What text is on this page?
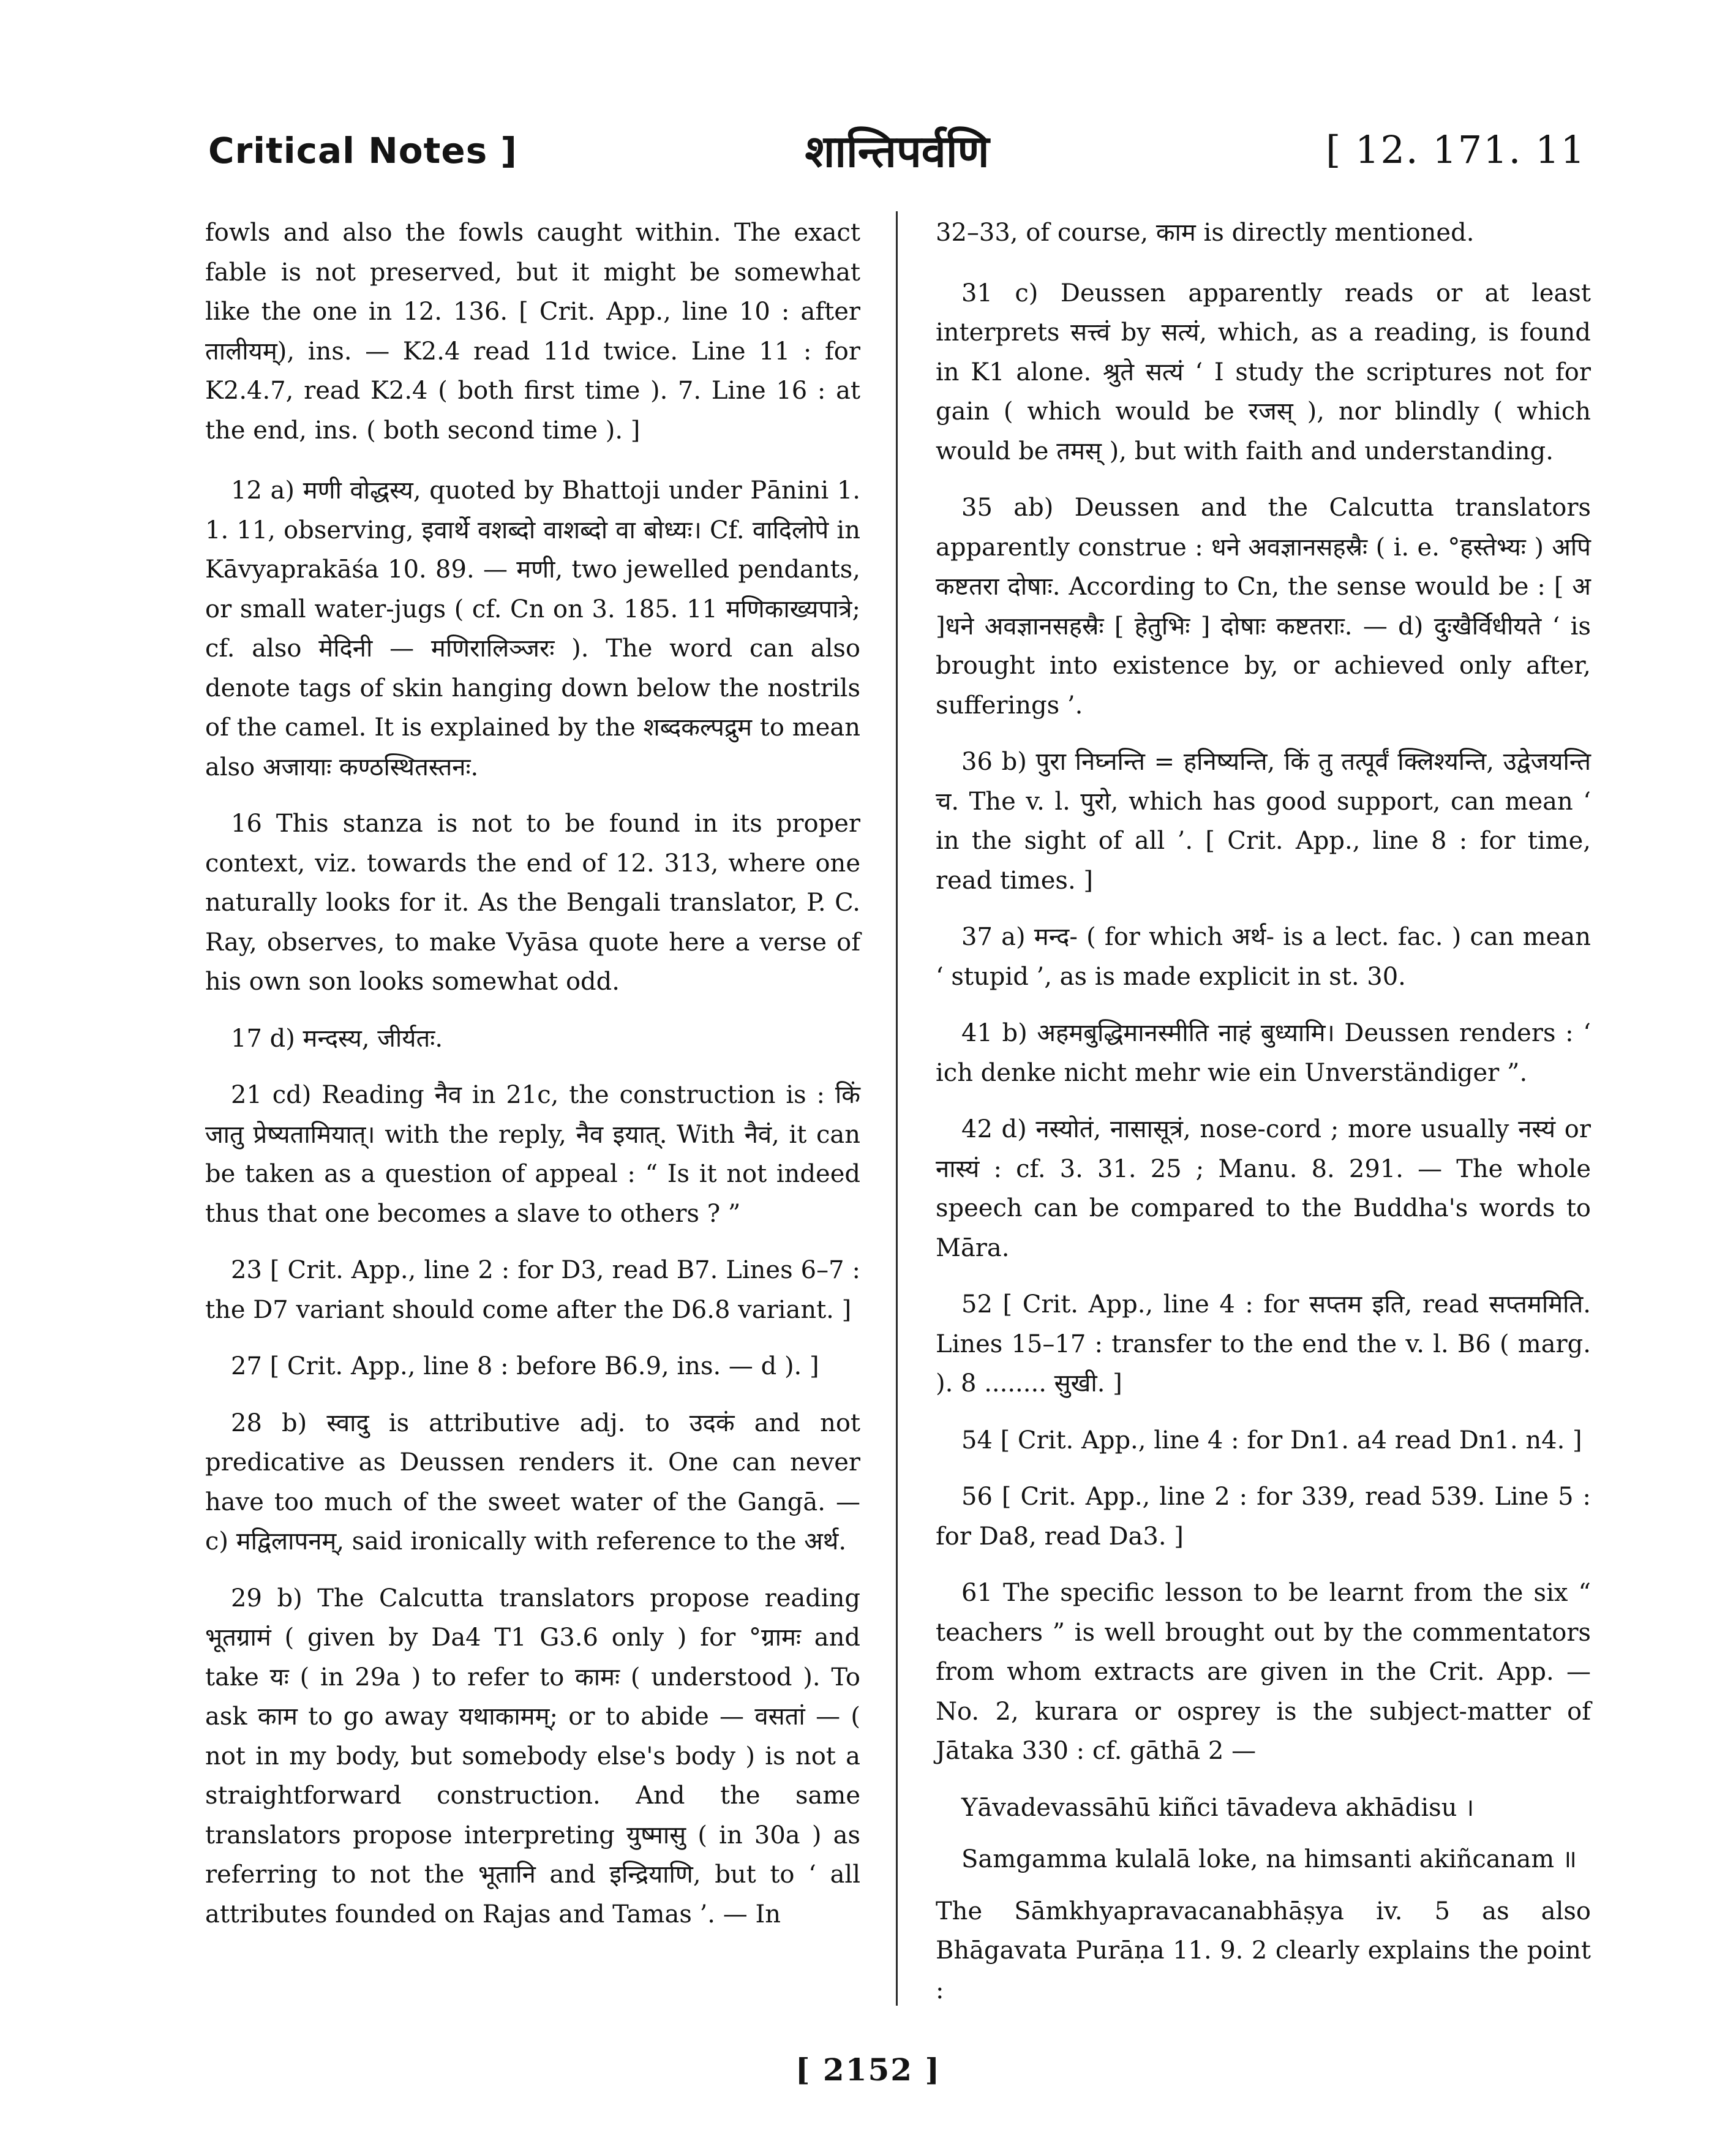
Critical Notes ]	शान्तिपर्वणि	[ 12. 171. 11

fowls and also the fowls caught within. The exact fable is not preserved, but it might be somewhat like the one in 12. 136. [ Crit. App., line 10 : after तालीयम्), ins. — K2.4 read 11d twice. Line 11 : for K2.4.7, read K2.4 ( both first time ). 7. Line 16 : at the end, ins. ( both second time ). ]

12 a) मणी वोद्धस्य, quoted by Bhattoji under Pānini 1. 1. 11, observing, इवार्थे वशब्दो वाशब्दो वा बोध्यः। Cf. वादिलोपे in Kāvyaprakāśa 10. 89. — मणी, two jewelled pendants, or small water-jugs ( cf. Cn on 3. 185. 11 मणिकाख्यपात्रे; cf. also मेदिनी — मणिरालिञ्जरः ). The word can also denote tags of skin hanging down below the nostrils of the camel. It is explained by the शब्दकल्पद्रुम to mean also अजायाः कण्ठस्थितस्तनः.

16 This stanza is not to be found in its proper context, viz. towards the end of 12. 313, where one naturally looks for it. As the Bengali translator, P. C. Ray, observes, to make Vyāsa quote here a verse of his own son looks somewhat odd.

17 d) मन्दस्य, जीर्यतः.

21 cd) Reading नैव in 21c, the construction is : किं जातु प्रेष्यतामियात्। with the reply, नैव इयात्. With नैवं, it can be taken as a question of appeal : “ Is it not indeed thus that one becomes a slave to others ? ”

23 [ Crit. App., line 2 : for D3, read B7. Lines 6–7 : the D7 variant should come after the D6.8 variant. ]

27 [ Crit. App., line 8 : before B6.9, ins. — d ). ]

28 b) स्वादु is attributive adj. to उदकं and not predicative as Deussen renders it. One can never have too much of the sweet water of the Gangā. — c) मद्विलापनम्, said ironically with reference to the अर्थ.

29 b) The Calcutta translators propose reading भूतग्रामं ( given by Da4 T1 G3.6 only ) for °ग्रामः and take यः ( in 29a ) to refer to कामः ( understood ). To ask काम to go away यथाकामम्; or to abide — वसतां — ( not in my body, but somebody else's body ) is not a straightforward construction. And the same translators propose interpreting युष्मासु ( in 30a ) as referring to not the भूतानि and इन्द्रियाणि, but to ‘ all attributes founded on Rajas and Tamas ’. — In

32–33, of course, काम is directly mentioned.

31 c) Deussen apparently reads or at least interprets सत्त्वं by सत्यं, which, as a reading, is found in K1 alone. श्रुते सत्यं ‘ I study the scriptures not for gain ( which would be रजस् ), nor blindly ( which would be तमस् ), but with faith and understanding.

35 ab) Deussen and the Calcutta translators apparently construe : धने अवज्ञानसहस्रैः ( i. e. °हस्तेभ्यः ) अपि कष्टतरा दोषाः. According to Cn, the sense would be : [ अ ]धने अवज्ञानसहस्रैः [ हेतुभिः ] दोषाः कष्टतराः. — d) दुःखैर्विधीयते ‘ is brought into existence by, or achieved only after, sufferings ’.

36 b) पुरा निघ्नन्ति = हनिष्यन्ति, किं तु तत्पूर्वं क्लिश्यन्ति, उद्वेजयन्ति च. The v. l. पुरो, which has good support, can mean ‘ in the sight of all ’. [ Crit. App., line 8 : for time, read times. ]

37 a) मन्द- ( for which अर्थ- is a lect. fac. ) can mean ‘ stupid ’, as is made explicit in st. 30.

41 b) अहमबुद्धिमानस्मीति नाहं बुध्यामि। Deussen renders : ‘ ich denke nicht mehr wie ein Unverständiger ”.

42 d) नस्योतं, नासासूत्रं, nose-cord ; more usually नस्यं or नास्यं : cf. 3. 31. 25 ; Manu. 8. 291. — The whole speech can be compared to the Buddha's words to Māra.

52 [ Crit. App., line 4 : for सप्तम इति, read सप्तममिति. Lines 15–17 : transfer to the end the v. l. B6 ( marg. ). 8 ........ सुखी. ]

54 [ Crit. App., line 4 : for Dn1. a4 read Dn1. n4. ]

56 [ Crit. App., line 2 : for 339, read 539. Line 5 : for Da8, read Da3. ]

61 The specific lesson to be learnt from the six “ teachers ” is well brought out by the commentators from whom extracts are given in the Crit. App. — No. 2, kurara or osprey is the subject-matter of Jātaka 330 : cf. gāthā 2 —

Yāvadevassāhū kiñci tāvadeva akhādisu ।

Samgamma kulalā loke, na himsanti akiñcanam ॥

The Sāmkhyapravacanabhāṣya iv. 5 as also Bhāgavata Purāṇa 11. 9. 2 clearly explains the point :

[ 2152 ]
